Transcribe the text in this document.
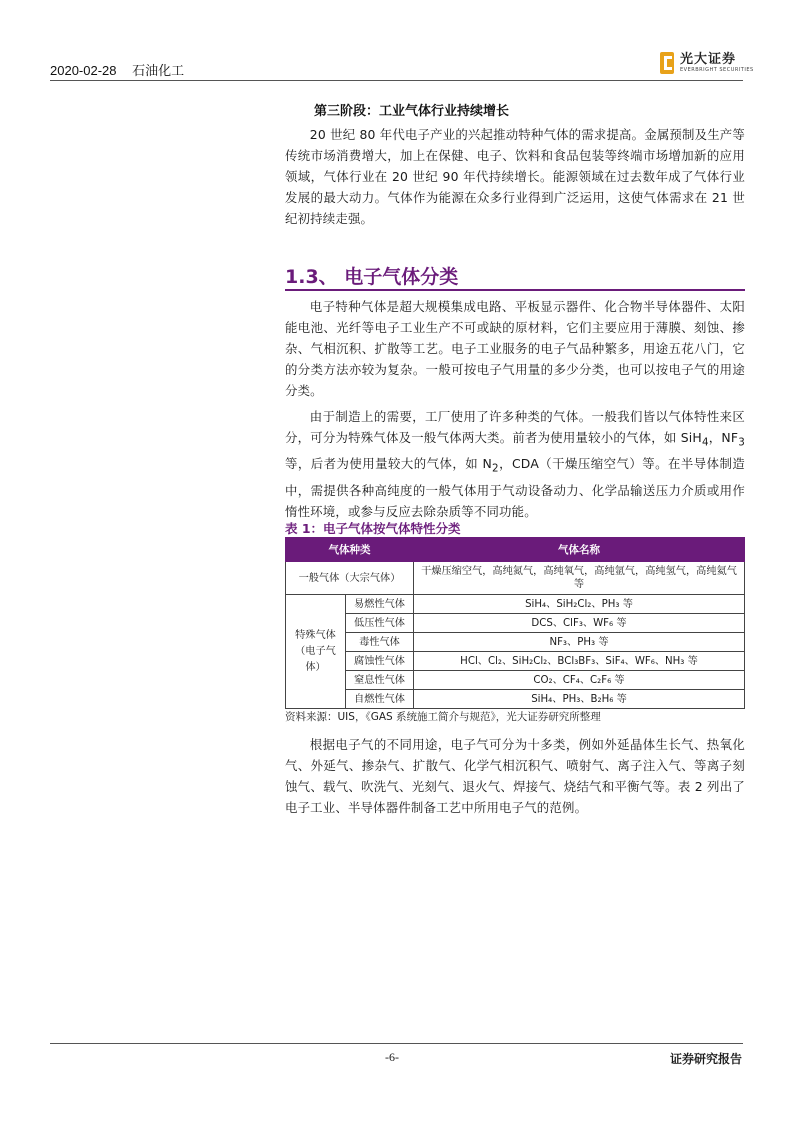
2020-02-28 石油化工
光大证券
EVERBRIGHT SECURITIES
第三阶段：工业气体行业持续增长

20 世纪 80 年代电子产业的兴起推动特种气体的需求提高。金属预制及生产等传统市场消费增大，加上在保健、电子、饮料和食品包装等终端市场增加新的应用领域，气体行业在 20 世纪 90 年代持续增长。能源领域在过去数年成了气体行业发展的最大动力。气体作为能源在众多行业得到广泛运用，这使气体需求在 21 世纪初持续走强。

1.3、 电子气体分类

电子特种气体是超大规模集成电路、平板显示器件、化合物半导体器件、太阳能电池、光纤等电子工业生产不可或缺的原材料，它们主要应用于薄膜、刻蚀、掺杂、气相沉积、扩散等工艺。电子工业服务的电子气品种繁多，用途五花八门，它的分类方法亦较为复杂。一般可按电子气用量的多少分类，也可以按电子气的用途分类。

由于制造上的需要，工厂使用了许多种类的气体。一般我们皆以气体特性来区分，可分为特殊气体及一般气体两大类。前者为使用量较小的气体，如 SiH$_4$，$NF_3$ 等，后者为使用量较大的气体，如 $N_2$，CDA（干燥压缩空气）等。在半导体制造中，需提供各种高纯度的一般气体用于气动设备动力、化学品输送压力介质或用作惰性环境，或参与反应去除杂质等不同功能。

表 1：电子气体按气体特性分类
气体种类		气体名称
一般气体（大宗气体）		干燥压缩空气，高纯氮气，高纯氧气，高纯氩气，高纯氢气，高纯氦气等
特殊气体（电子气体）	易燃性气体	SiH₄、SiH₂Cl₂、PH₃ 等
	低压性气体	DCS、ClF₃、WF₆ 等
	毒性气体	NF₃、PH₃ 等
	腐蚀性气体	HCl、Cl₂、SiH₂Cl₂、BCl₃BF₃、SiF₄、WF₆、NH₃ 等
	窒息性气体	CO₂、CF₄、C₂F₆ 等
	自燃性气体	SiH₄、PH₃、B₂H₆ 等
资料来源：UIS，《GAS 系统施工简介与规范》，光大证券研究所整理

根据电子气的不同用途，电子气可分为十多类，例如外延晶体生长气、热氧化气、外延气、掺杂气、扩散气、化学气相沉积气、喷射气、离子注入气、等离子刻蚀气、载气、吹洗气、光刻气、退火气、焊接气、烧结气和平衡气等。表 2 列出了电子工业、半导体器件制备工艺中所用电子气的范例。

-6-	证券研究报告
